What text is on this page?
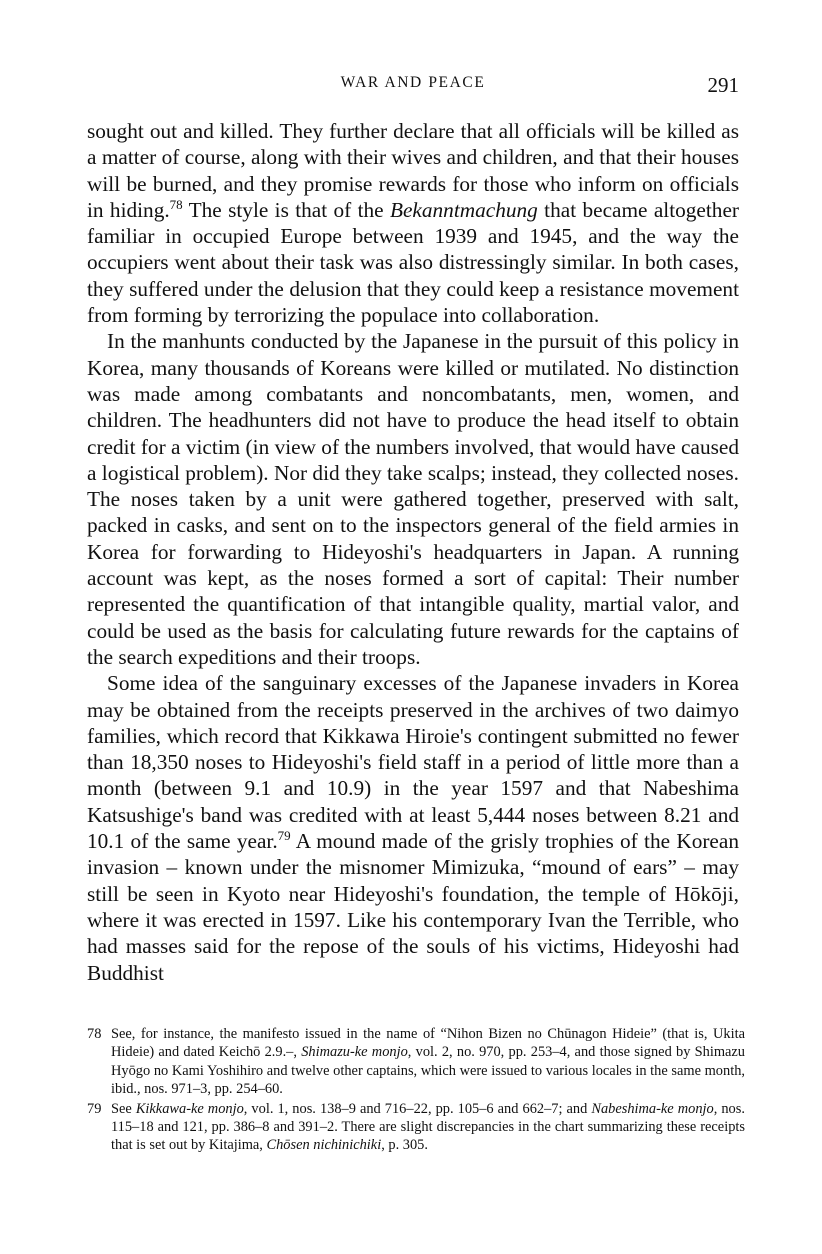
WAR AND PEACE	291

sought out and killed. They further declare that all officials will be killed as a matter of course, along with their wives and children, and that their houses will be burned, and they promise rewards for those who inform on officials in hiding.$^{78}$ The style is that of the Bekanntmachung that became altogether familiar in occupied Europe between 1939 and 1945, and the way the occupiers went about their task was also distressingly similar. In both cases, they suffered under the delusion that they could keep a resistance movement from forming by terrorizing the populace into collaboration.

In the manhunts conducted by the Japanese in the pursuit of this policy in Korea, many thousands of Koreans were killed or mutilated. No distinction was made among combatants and noncombatants, men, women, and children. The headhunters did not have to produce the head itself to obtain credit for a victim (in view of the numbers involved, that would have caused a logistical problem). Nor did they take scalps; instead, they collected noses. The noses taken by a unit were gathered together, preserved with salt, packed in casks, and sent on to the inspectors general of the field armies in Korea for forwarding to Hideyoshi's headquarters in Japan. A running account was kept, as the noses formed a sort of capital: Their number represented the quantification of that intangible quality, martial valor, and could be used as the basis for calculating future rewards for the captains of the search expeditions and their troops.

Some idea of the sanguinary excesses of the Japanese invaders in Korea may be obtained from the receipts preserved in the archives of two daimyo families, which record that Kikkawa Hiroie's contingent submitted no fewer than 18,350 noses to Hideyoshi's field staff in a period of little more than a month (between 9.1 and 10.9) in the year 1597 and that Nabeshima Katsushige's band was credited with at least 5,444 noses between 8.21 and 10.1 of the same year.$^{79}$ A mound made of the grisly trophies of the Korean invasion – known under the misnomer Mimizuka, “mound of ears” – may still be seen in Kyoto near Hideyoshi's foundation, the temple of Hōkōji, where it was erected in 1597. Like his contemporary Ivan the Terrible, who had masses said for the repose of the souls of his victims, Hideyoshi had Buddhist

78 See, for instance, the manifesto issued in the name of “Nihon Bizen no Chūnagon Hideie” (that is, Ukita Hideie) and dated Keichō 2.9.–, Shimazu-ke monjo, vol. 2, no. 970, pp. 253–4, and those signed by Shimazu Hyōgo no Kami Yoshihiro and twelve other captains, which were issued to various locales in the same month, ibid., nos. 971–3, pp. 254–60.
79 See Kikkawa-ke monjo, vol. 1, nos. 138–9 and 716–22, pp. 105–6 and 662–7; and Nabeshima-ke monjo, nos. 115–18 and 121, pp. 386–8 and 391–2. There are slight discrepancies in the chart summarizing these receipts that is set out by Kitajima, Chōsen nichinichiki, p. 305.
